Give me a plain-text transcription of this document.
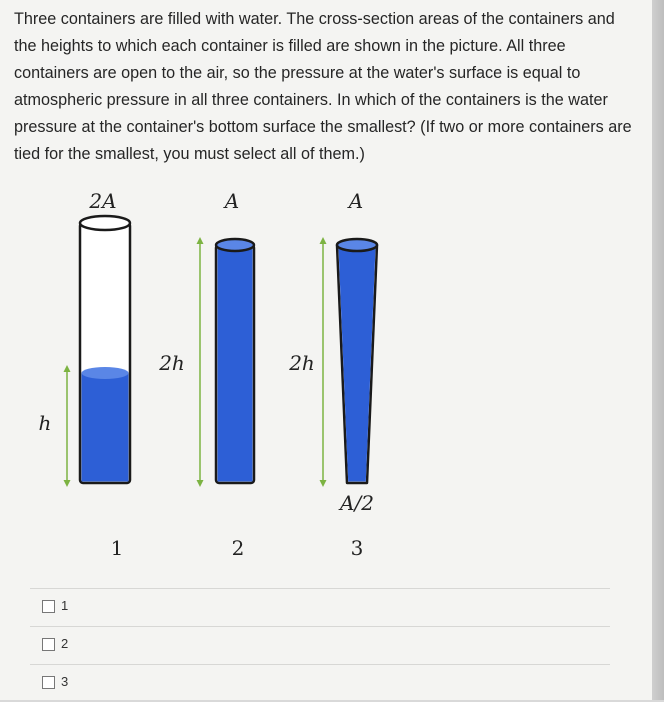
Three containers are filled with water. The cross-section areas of the containers and the heights to which each container is filled are shown in the picture. All three containers are open to the air, so the pressure at the water's surface is equal to atmospheric pressure in all three containers. In which of the containers is the water pressure at the container's bottom surface the smallest? (If two or more containers are tied for the smallest, you must select all of them.)
2A	A	A
h
2h	2h
A/2
1	2	3
1
2
3
